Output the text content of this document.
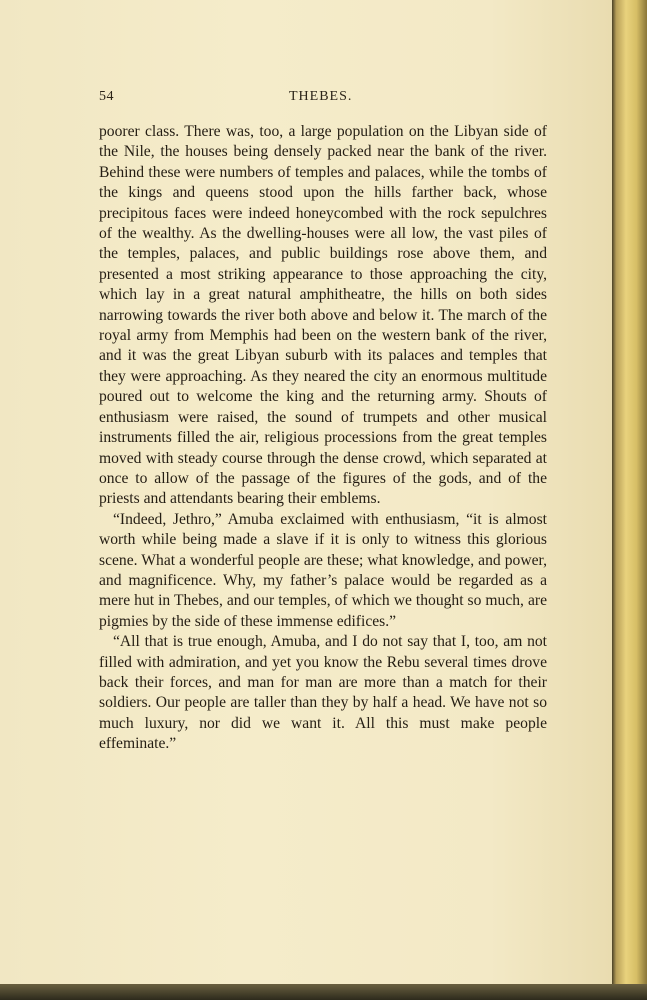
54	THEBES.

poorer class. There was, too, a large population on the Libyan side of the Nile, the houses being densely packed near the bank of the river. Behind these were numbers of temples and palaces, while the tombs of the kings and queens stood upon the hills farther back, whose precipitous faces were indeed honeycombed with the rock sepulchres of the wealthy. As the dwelling-houses were all low, the vast piles of the temples, palaces, and public buildings rose above them, and presented a most striking appearance to those approaching the city, which lay in a great natural amphitheatre, the hills on both sides narrowing towards the river both above and below it. The march of the royal army from Memphis had been on the western bank of the river, and it was the great Libyan suburb with its palaces and temples that they were approaching. As they neared the city an enormous multitude poured out to welcome the king and the returning army. Shouts of enthusiasm were raised, the sound of trumpets and other musical instruments filled the air, religious processions from the great temples moved with steady course through the dense crowd, which separated at once to allow of the passage of the figures of the gods, and of the priests and attendants bearing their emblems.

“Indeed, Jethro,” Amuba exclaimed with enthusiasm, “it is almost worth while being made a slave if it is only to witness this glorious scene. What a wonderful people are these; what knowledge, and power, and magnificence. Why, my father’s palace would be regarded as a mere hut in Thebes, and our temples, of which we thought so much, are pigmies by the side of these immense edifices.”

“All that is true enough, Amuba, and I do not say that I, too, am not filled with admiration, and yet you know the Rebu several times drove back their forces, and man for man are more than a match for their soldiers. Our people are taller than they by half a head. We have not so much luxury, nor did we want it. All this must make people effeminate.”
